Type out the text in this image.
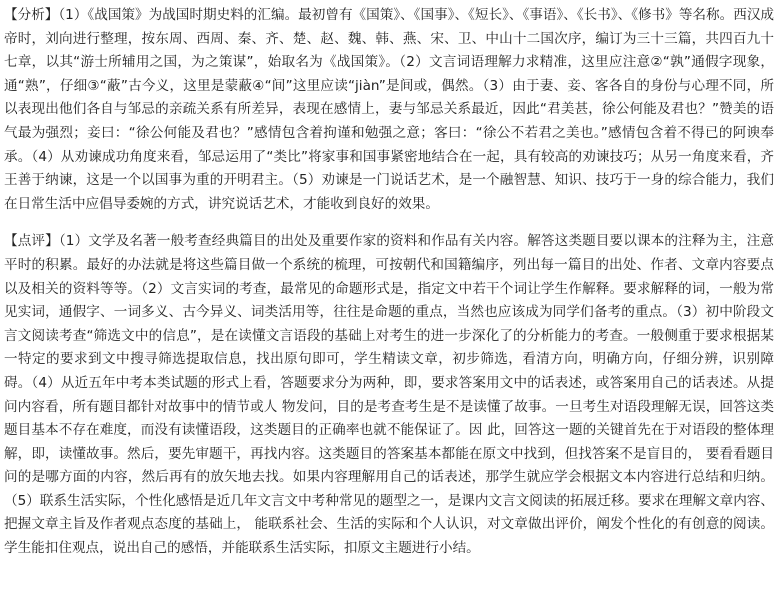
【分析】（1）《战国策》为战国时期史料的汇编。最初曾有《国策》、《国事》、《短长》、《事语》、《长书》、《修书》等名称。西汉成帝时，刘向进行整理，按东周、西周、秦、齐、楚、赵、魏、韩、燕、宋、卫、中山十二国次序，编订为三十三篇，共四百九十七章，以其“游士所辅用之国，为之策谋”，始取名为《战国策》。（2）文言词语理解力求精准，这里应注意②“孰”通假字现象，通“熟”，仔细③“蔽”古今义，这里是蒙蔽④“间”这里应读“jiàn”是间或，偶然。（3）由于妻、妾、客各自的身份与心理不同，所以表现出他们各自与邹忌的亲疏关系有所差异，表现在感情上，妻与邹忌关系最近，因此“君美甚，徐公何能及君也？”赞美的语气最为强烈；妾曰：“徐公何能及君也？”感情包含着拘谨和勉强之意；客曰：“徐公不若君之美也。”感情包含着不得已的阿谀奉承。（4）从劝谏成功角度来看，邹忌运用了“类比”将家事和国事紧密地结合在一起，具有较高的劝谏技巧；从另一角度来看，齐王善于纳谏，这是一个以国事为重的开明君主。（5）劝谏是一门说话艺术，是一个融智慧、知识、技巧于一身的综合能力，我们在日常生活中应倡导委婉的方式，讲究说话艺术，才能收到良好的效果。

【点评】（1）文学及名著一般考查经典篇目的出处及重要作家的资料和作品有关内容。解答这类题目要以课本的注释为主，注意平时的积累。最好的办法就是将这些篇目做一个系统的梳理，可按朝代和国籍编序，列出每一篇目的出处、作者、文章内容要点以及相关的资料等等。（2）文言实词的考查，最常见的命题形式是，指定文中若干个词让学生作解释。要求解释的词，一般为常见实词，通假字、一词多义、古今异义、词类活用等，往往是命题的重点，当然也应该成为同学们备考的重点。（3）初中阶段文言文阅读考查“筛选文中的信息”，是在读懂文言语段的基础上对考生的进一步深化了的分析能力的考查。一般侧重于要求根据某一特定的要求到文中搜寻筛选提取信息，找出原句即可，学生精读文章，初步筛选，看清方向，明确方向，仔细分辨，识别障碍。（4）从近五年中考本类试题的形式上看，答题要求分为两种，即，要求答案用文中的话表述，或答案用自己的话表述。从提问内容看，所有题目都针对故事中的情节或人 物发问，目的是考查考生是不是读懂了故事。一旦考生对语段理解无误，回答这类题目基本不存在难度，而没有读懂语段，这类题目的正确率也就不能保证了。因 此，回答这一题的关键首先在于对语段的整体理解，即，读懂故事。然后，要先审题干，再找内容。这类题目的答案基本都能在原文中找到，但找答案不是盲目的， 要看看题目问的是哪方面的内容，然后再有的放矢地去找。如果内容理解用自己的话表述，那学生就应学会根据文本内容进行总结和归纳。（5）联系生活实际，个性化感悟是近几年文言文中考种常见的题型之一，是课内文言文阅读的拓展迁移。要求在理解文章内容、把握文章主旨及作者观点态度的基础上， 能联系社会、生活的实际和个人认识，对文章做出评价，阐发个性化的有创意的阅读。学生能扣住观点，说出自己的感悟，并能联系生活实际，扣原文主题进行小结。
